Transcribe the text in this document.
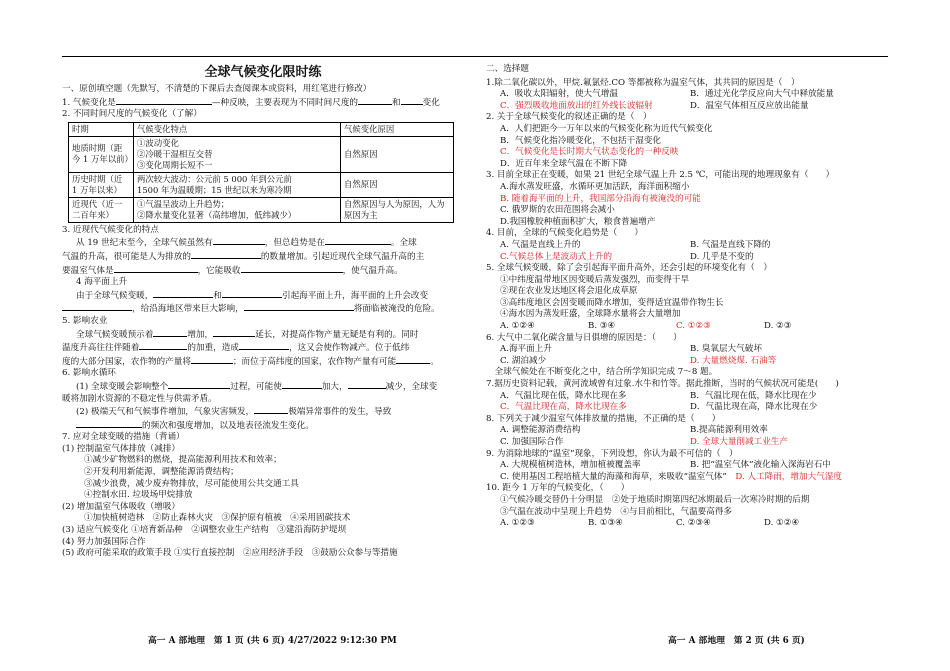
全球气候变化限时练

一、原创填空题（先默写，不清楚的下课后去查阅课本或资料，用红笔进行修改）

1. 气候变化是	—种反映，主要表现为不同时间尺度的	和	变化

2. 不同时间尺度的气候变化（了解）

时期	气候变化特点	气候变化原因
地质时期（距今 1 万年以前）	①波动变化
②冷暖干湿相互交替
③变化周期长短不一	自然原因
历史时期（近 1 万年以来）	两次较大波动：公元前 5 000 年到公元前
1500 年为温暖期；15 世纪以来为寒冷期	自然原因
近现代（近一二百年来）	①气温呈波动上升趋势；
②降水量变化显著（高纬增加，低纬减少）	自然原因与人为原因，人为原因为主

3. 近现代气候变化的特点

从 19 世纪末至今，全球气候虽然有	，但总趋势是在	。全球

气温的升高，很可能是人为排放的	的数量增加。引起近现代全球气温升高的主

要温室气体是	，它能吸收	，使气温升高。

4 海平面上升

由于全球气候变暖，	和	引起海平面上升，海平面的上升会改变

，给沿海地区带来巨大影响，	将面临被淹没的危险。

5. 影响农业

全球气候变暖预示着	增加，	延长，对提高作物产量无疑是有利的。同时

温度升高往往伴随着	的加重，造成	，这又会使作物减产。位于低纬

度的大部分国家，农作物的产量将	；而位于高纬度的国家，农作物产量有可能	。

6. 影响水循环

(1) 全球变暖会影响整个	过程，可能使	加大，	减少，全球变

暖将加剧水资源的不稳定性与供需矛盾。

(2) 极端天气和气候事件增加，气象灾害频发，	极端异常事件的发生，导致

的频次和强度增加，以及地表径流发生变化。

7. 应对全球变暖的措施（背诵）

(1) 控制温室气体排放（减排）

①减少矿物燃料的燃烧，提高能源利用技术和效率；

②开发利用新能源，调整能源消费结构；

③减少浪费，减少废弃物排放，尽可能使用公共交通工具

④控制水田. 垃圾场甲烷排放

(2) 增加温室气体吸收（增吸）

①加快植树造林　②防止森林火灾　③保护原有植被　④采用固碳技术

(3) 适应气候变化 ①培育新品种　②调整农业生产结构　③建沿海防护堤坝

(4) 努力加强国际合作

(5) 政府可能采取的政策手段 ①实行直接控制　②应用经济手段　③鼓励公众参与等措施

二、选择题

1.除二氧化碳以外，甲烷.氟氯烃.CO 等都被称为温室气体，其共同的原因是（　）

A．吸收太阳辐射，使大气增温	B．通过光化学反应向大气中释放能量

C．强烈吸收地面放出的红外线长波辐射	D．温室气体相互反应放出能量

2. 关于全球气候变化的叙述正确的是（　）

A．人们把距今一万年以来的气候变化称为近代气候变化

B．气候变化指冷暖变化，不包括干湿变化

C．气候变化是长时期大气状态变化的一种反映

D．近百年来全球气温在不断下降

3. 目前全球正在变暖，如果 21 世纪全球气温上升 2.5 ℃，可能出现的地理现象有（　　）

A.海水蒸发旺盛，水循环更加活跃，海洋面积缩小

B. 随着海平面的上升，我国部分沿海有被淹没的可能

C. 俄罗斯的农田范围将会减小

D.我国橡胶种植面积扩大，粮食普遍增产

4. 目前，全球的气候变化趋势是（　　）

A. 气温是直线上升的	B. 气温是直线下降的

C.气候总体上是波动式上升的	D. 几乎是不变的

5. 全球气候变暖，除了会引起海平面升高外，还会引起的环境变化有（　）

①中纬度温带地区因变暖后蒸发强烈，而变得干旱

②现在农业发达地区将会退化成草原

③高纬度地区会因变暖而降水增加，变得适宜温带作物生长

④海水因为蒸发旺盛，全球降水量将会大量增加

A. ①②④	B. ③④	C. ①②③	D. ②③

6. 大气中二氧化碳含量与日俱增的原因是：（　　）

A.海平面上升	B. 臭氧层大气破坏

C. 湖泊减少	D. 大量燃烧煤. 石油等

　全球气候处在不断变化之中，结合所学知识完成 7～8 题。

7.据历史资料记载，黄河流域曾有过象.水牛和竹等。据此推断，当时的气候状况可能是(　　)

A．气温比现在低，降水比现在多	B．气温比现在低，降水比现在少

C．气温比现在高，降水比现在多	D．气温比现在高，降水比现在少

8. 下列关于减少温室气体排放量的措施，不正确的是（　　）

A. 调整能源消费结构	B.提高能源利用效率

C. 加强国际合作	D. 全球大量削减工业生产

9. 为消除地球的“温室”现象，下列设想，你认为最不可信的（　）

A. 大规模植树造林，增加植被覆盖率	B. 把“温室气体”液化输入深海岩石中

C. 使用基因工程培植大量的海藻和海草，来吸收“温室气体”　D. 人工降雨，增加大气湿度

10. 距今 1 万年的气候变化，（　　）

①气候冷暖交替仍十分明显　②处于地质时期第四纪冰期最后一次寒冷时期的后期

③气温在波动中呈现上升趋势　④与目前相比，气温要高得多

A. ①②③	B. ①③④	C. ②③④	D. ①②④

高一 A 部地理　第 1 页 (共 6 页) 4/27/2022 9:12:30 PM	高一 A 部地理　第 2 页 (共 6 页)
